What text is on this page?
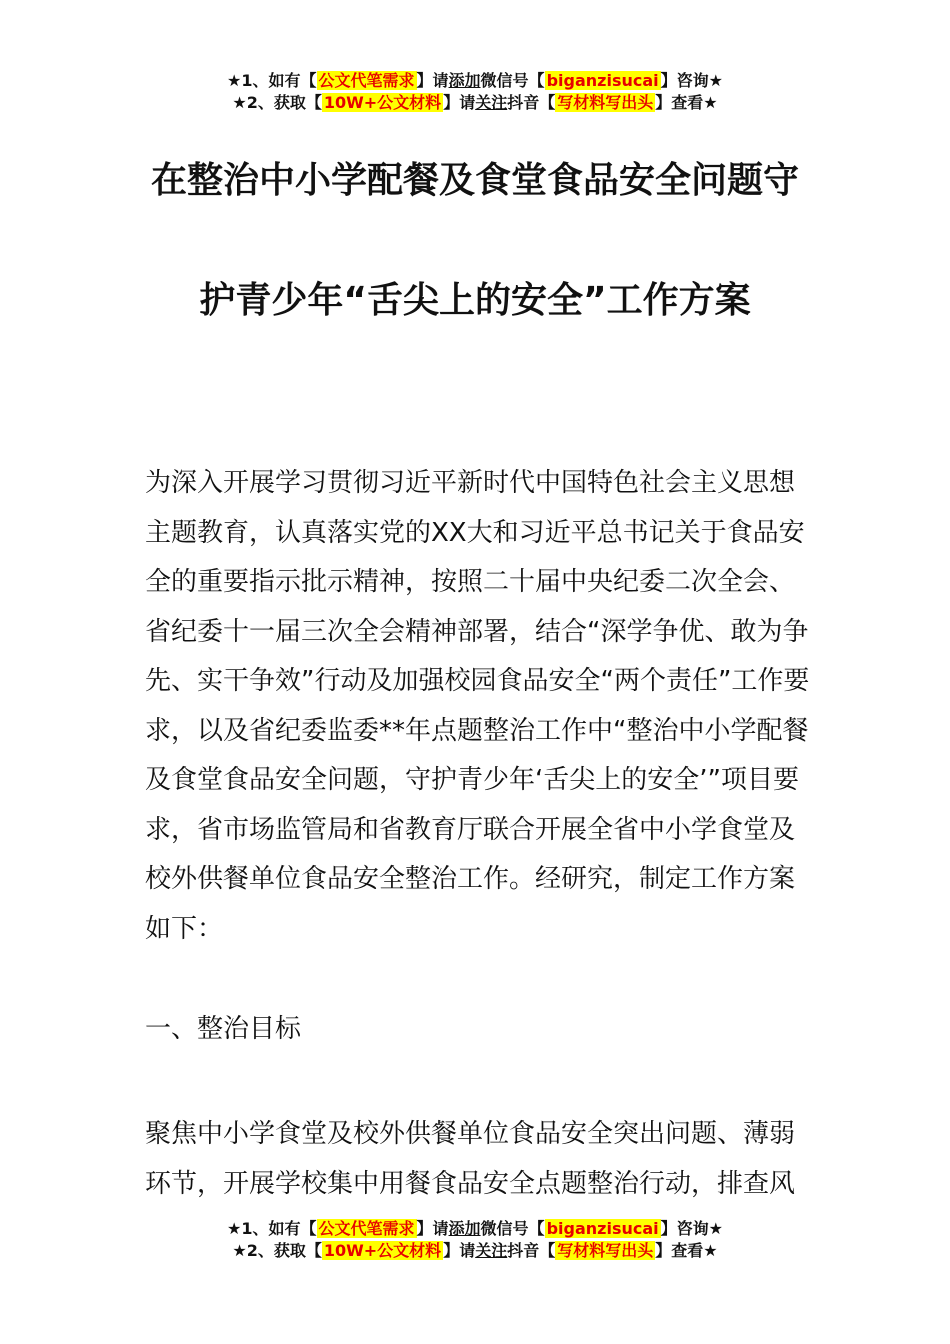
★1、如有【 公文代笔需求 】请添加微信号【 biganzisucai 】咨询★
★2、获取【 10W+公文材料 】请关注抖音【 写材料写出头 】查看★
在整治中小学配餐及食堂食品安全问题守
护青少年“舌尖上的安全”工作方案
为深入开展学习贯彻习近平新时代中国特色社会主义思想主题教育，认真落实党的XX大和习近平总书记关于食品安全的重要指示批示精神，按照二十届中央纪委二次全会、省纪委十一届三次全会精神部署，结合“深学争优、敢为争先、实干争效”行动及加强校园食品安全“两个责任”工作要求，以及省纪委监委**年点题整治工作中“整治中小学配餐及食堂食品安全问题，守护青少年‘舌尖上的安全’”项目要求，省市场监管局和省教育厅联合开展全省中小学食堂及校外供餐单位食品安全整治工作。经研究，制定工作方案如下：
一、整治目标
聚焦中小学食堂及校外供餐单位食品安全突出问题、薄弱环节，开展学校集中用餐食品安全点题整治行动，排查风
★1、如有【 公文代笔需求 】请添加微信号【 biganzisucai 】咨询★
★2、获取【 10W+公文材料 】请关注抖音【 写材料写出头 】查看★
